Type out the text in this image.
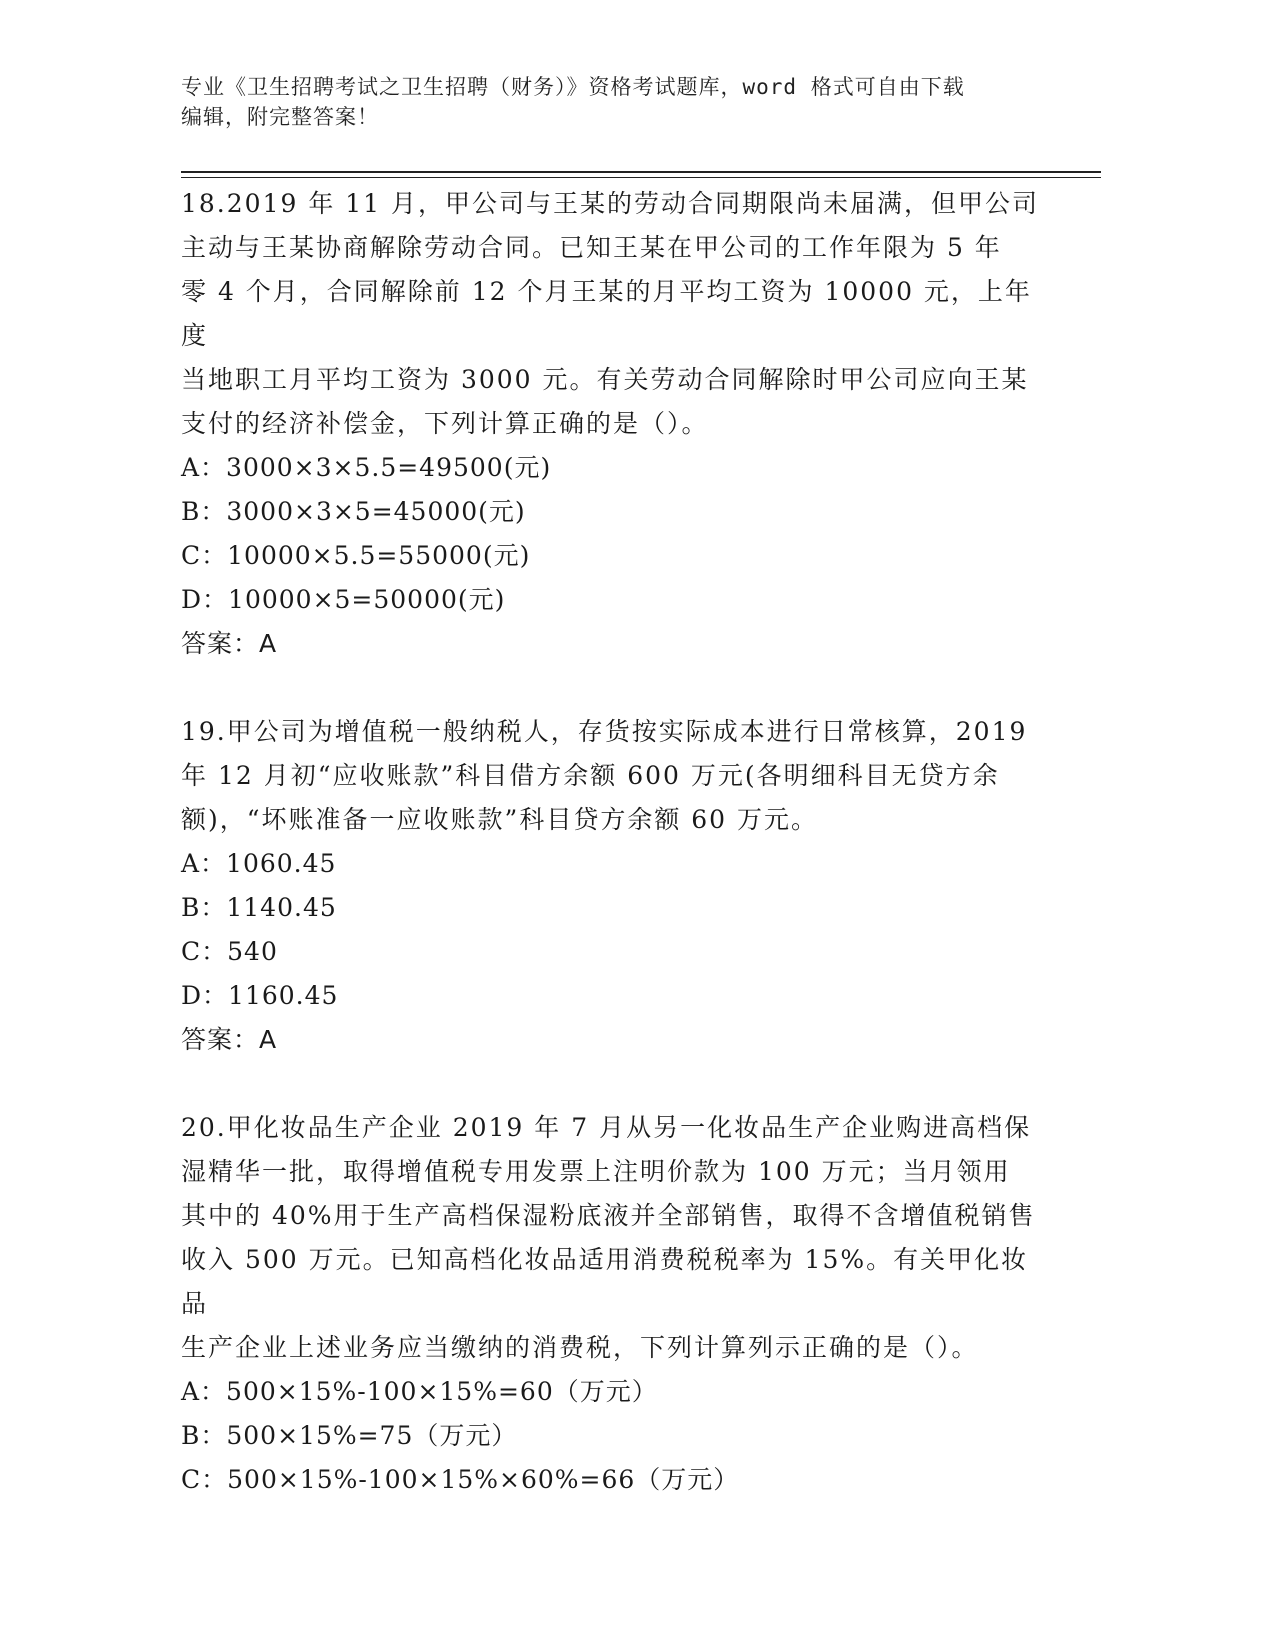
专业《卫生招聘考试之卫生招聘（财务）》资格考试题库，word 格式可自由下载
编辑，附完整答案！
18.2019 年 11 月，甲公司与王某的劳动合同期限尚未届满，但甲公司
主动与王某协商解除劳动合同。已知王某在甲公司的工作年限为 5 年
零 4 个月，合同解除前 12 个月王某的月平均工资为 10000 元，上年度
当地职工月平均工资为 3000 元。有关劳动合同解除时甲公司应向王某
支付的经济补偿金，下列计算正确的是（）。
A：3000×3×5.5=49500(元)
B：3000×3×5=45000(元)
C：10000×5.5=55000(元)
D：10000×5=50000(元)
答案：A
19.甲公司为增值税一般纳税人，存货按实际成本进行日常核算，2019
年 12 月初“应收账款”科目借方余额 600 万元(各明细科目无贷方余
额)，“坏账准备一应收账款”科目贷方余额 60 万元。
A：1060.45
B：1140.45
C：540
D：1160.45
答案：A
20.甲化妆品生产企业 2019 年 7 月从另一化妆品生产企业购进高档保
湿精华一批，取得增值税专用发票上注明价款为 100 万元；当月领用
其中的 40%用于生产高档保湿粉底液并全部销售，取得不含增值税销售
收入 500 万元。已知高档化妆品适用消费税税率为 15%。有关甲化妆品
生产企业上述业务应当缴纳的消费税，下列计算列示正确的是（）。
A：500×15%-100×15%=60（万元）
B：500×15%=75（万元）
C：500×15%-100×15%×60%=66（万元）
